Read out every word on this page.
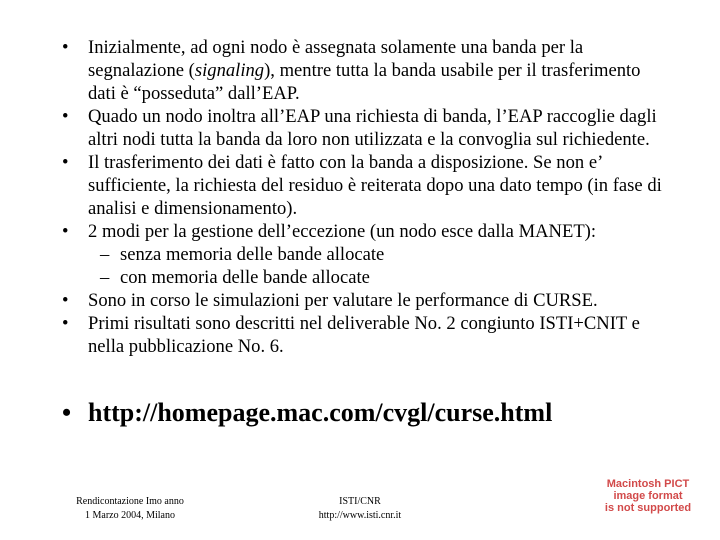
• Inizialmente, ad ogni nodo è assegnata solamente una banda per la segnalazione (signaling), mentre tutta la banda usabile per il trasferimento dati è “posseduta” dall’EAP.
• Quado un nodo inoltra all’EAP una richiesta di banda, l’EAP raccoglie dagli altri nodi tutta la banda da loro non utilizzata e la convoglia sul richiedente.
• Il trasferimento dei dati è fatto con la banda a disposizione. Se non e’ sufficiente, la richiesta del residuo è reiterata dopo una dato tempo (in fase di analisi e dimensionamento).
• 2 modi per la gestione dell’eccezione (un nodo esce dalla MANET):
– senza memoria delle bande allocate
– con memoria delle bande allocate
• Sono in corso le simulazioni per valutare le performance di CURSE.
• Primi risultati sono descritti nel deliverable No. 2 congiunto ISTI+CNIT e nella pubblicazione No. 6.
• http://homepage.mac.com/cvgl/curse.html
Rendicontazione Imo anno
1 Marzo 2004, Milano
ISTI/CNR
http://www.isti.cnr.it
Macintosh PICT
image format
is not supported
